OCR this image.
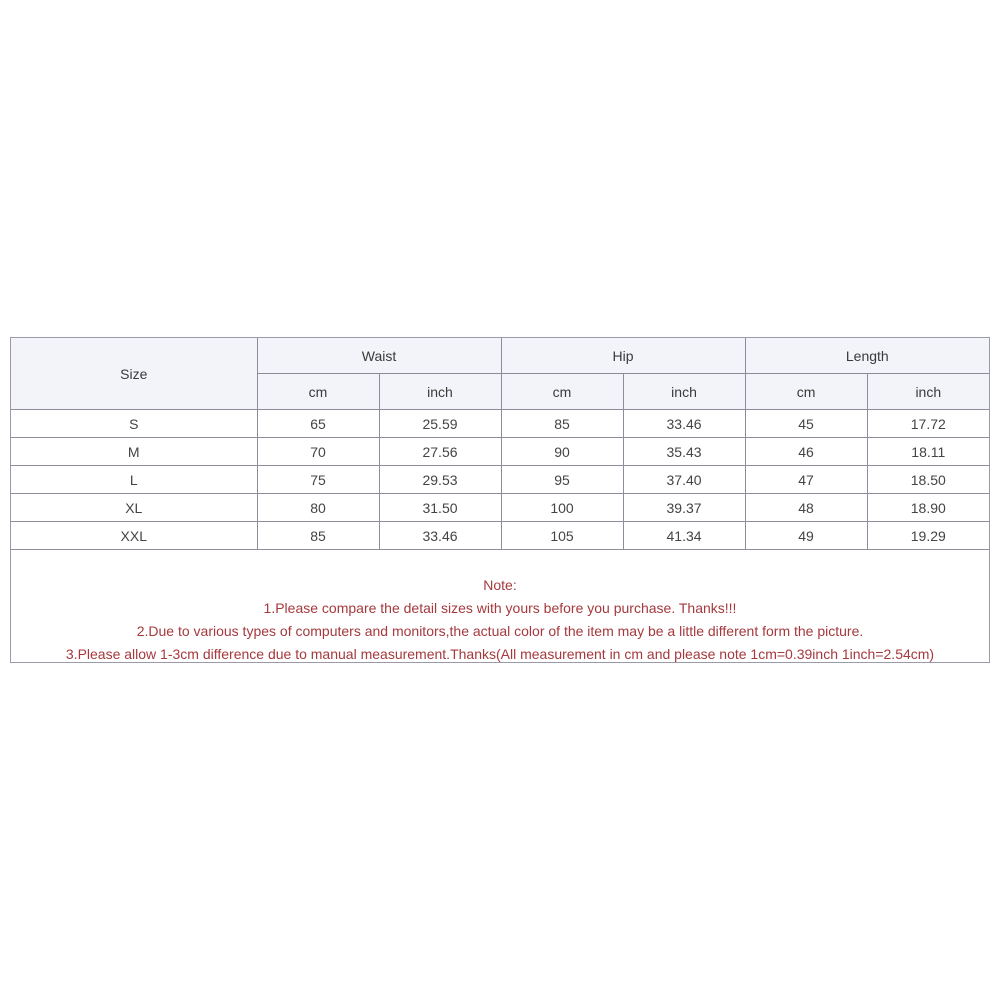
Size	Waist		Hip		Length	
	cm	inch	cm	inch	cm	inch
S	65	25.59	85	33.46	45	17.72
M	70	27.56	90	35.43	46	18.11
L	75	29.53	95	37.40	47	18.50
XL	80	31.50	100	39.37	48	18.90
XXL	85	33.46	105	41.34	49	19.29
Note:
1.Please compare the detail sizes with yours before you purchase. Thanks!!!
2.Due to various types of computers and monitors,the actual color of the item may be a little different form the picture.
3.Please allow 1-3cm difference due to manual measurement.Thanks(All measurement in cm and please note 1cm=0.39inch 1inch=2.54cm)
